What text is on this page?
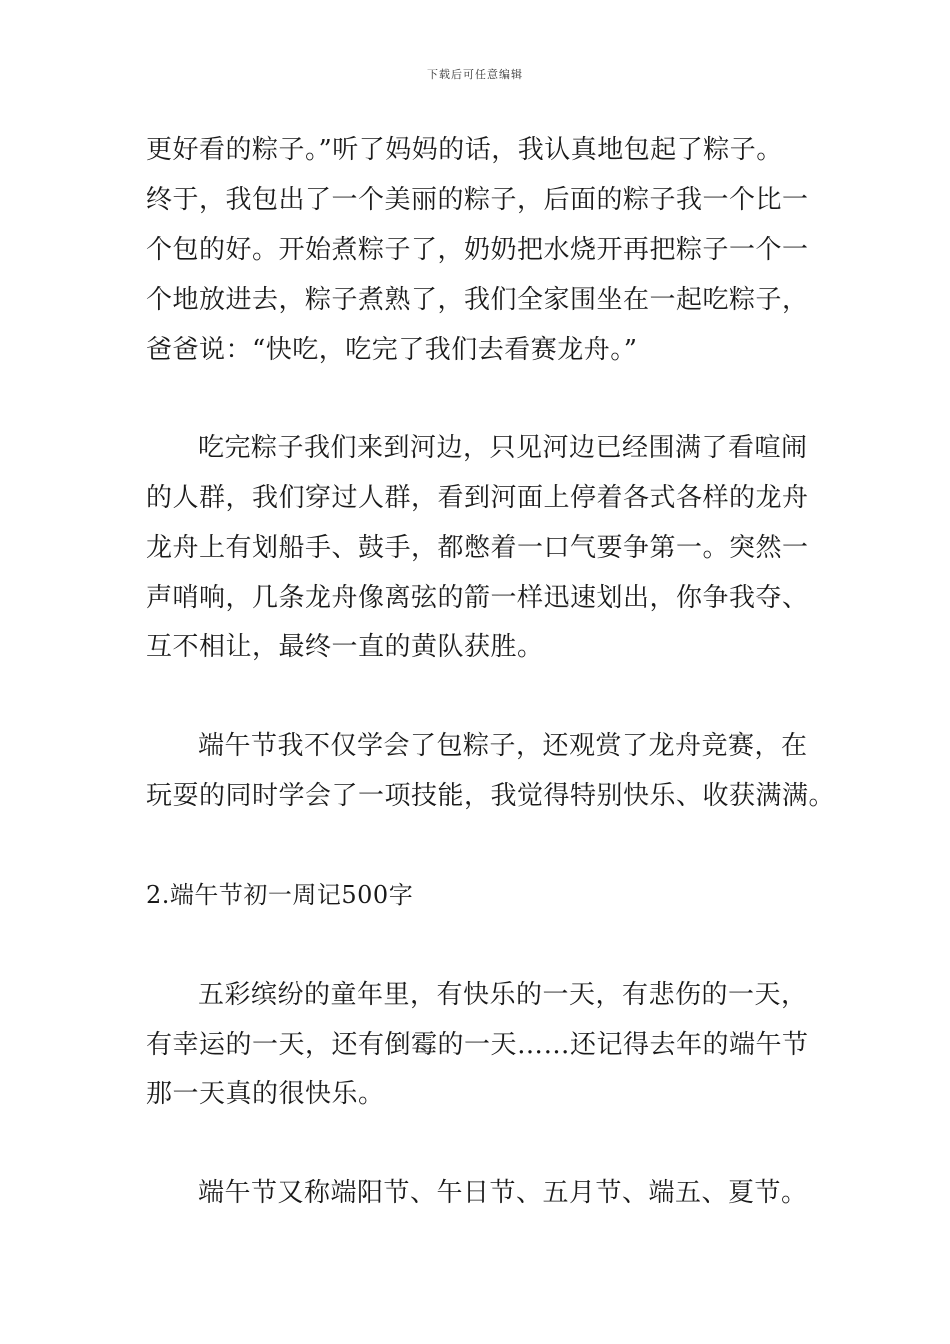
下载后可任意编辑
更好看的粽子。”听了妈妈的话，我认真地包起了粽子。
终于，我包出了一个美丽的粽子，后面的粽子我一个比一
个包的好。开始煮粽子了，奶奶把水烧开再把粽子一个一
个地放进去，粽子煮熟了，我们全家围坐在一起吃粽子，
爸爸说：“快吃，吃完了我们去看赛龙舟。”
吃完粽子我们来到河边，只见河边已经围满了看喧闹
的人群，我们穿过人群，看到河面上停着各式各样的龙舟
龙舟上有划船手、鼓手，都憋着一口气要争第一。突然一
声哨响，几条龙舟像离弦的箭一样迅速划出，你争我夺、
互不相让，最终一直的黄队获胜。
端午节我不仅学会了包粽子，还观赏了龙舟竞赛，在
玩耍的同时学会了一项技能，我觉得特别快乐、收获满满。
2.端午节初一周记500字
五彩缤纷的童年里，有快乐的一天，有悲伤的一天，
有幸运的一天，还有倒霉的一天……还记得去年的端午节
那一天真的很快乐。
端午节又称端阳节、午日节、五月节、端五、夏节。
